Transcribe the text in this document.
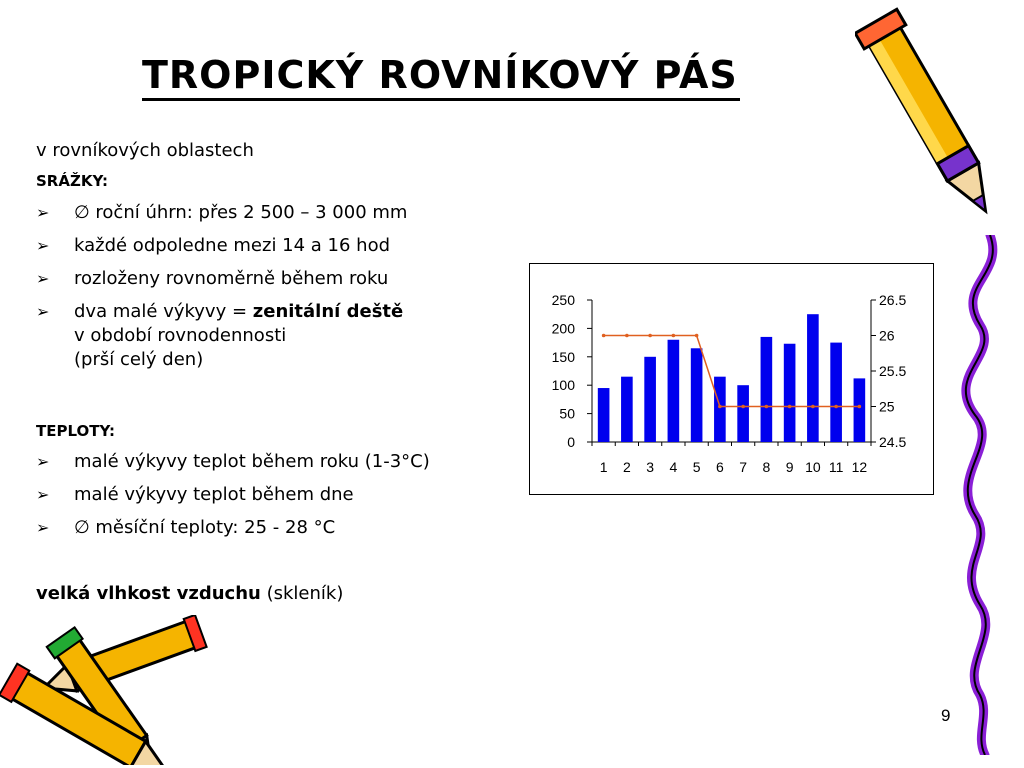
TROPICKÝ ROVNÍKOVÝ PÁS
v rovníkových oblastech
SRÁŽKY:
➢ ∅ roční úhrn: přes 2 500 – 3 000 mm
➢ každé odpoledne mezi 14 a 16 hod
➢ rozloženy rovnoměrně během roku
➢ dva malé výkyvy = zenitální deště
v období rovnodennosti
(prší celý den)
TEPLOTY:
➢ malé výkyvy teplot během roku (1-3°C)
➢ malé výkyvy teplot během dne
➢ ∅ měsíční teploty: 25 - 28 °C
velká vlhkost vzduchu (skleník)
0
50
100
150
200
250
24.5
25
25.5
26
26.5
1 2 3 4 5 6 7 8 9 10 11 12
9
